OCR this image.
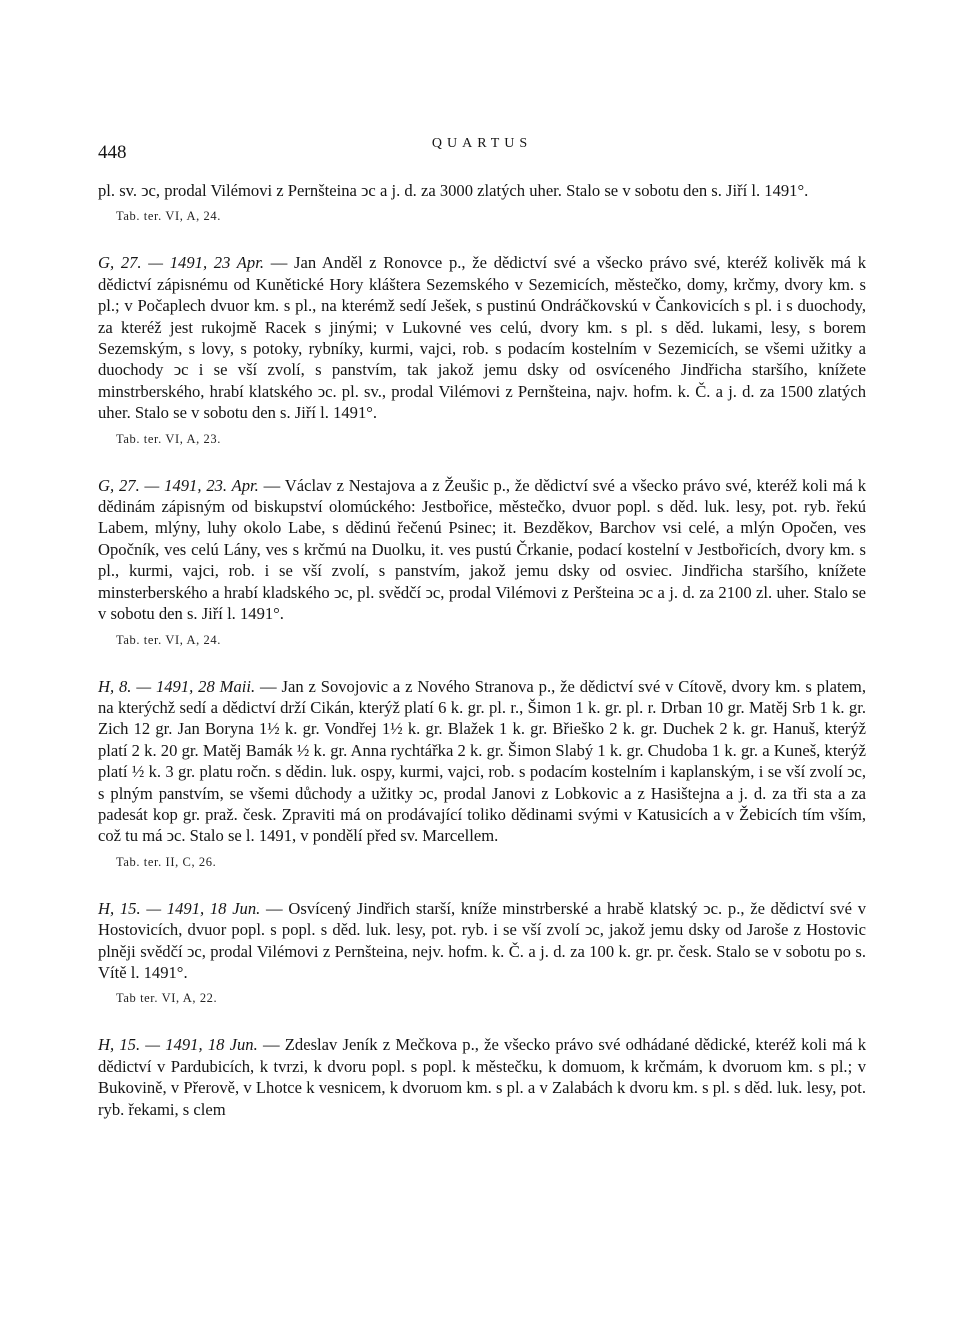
448	QUARTUS

pl. sv. ↄc, prodal Vilémovi z Pernšteina ↄc a j. d. za 3000 zlatých uher. Stalo se v sobotu den s. Jiří l. 1491°.

Tab. ter. VI, A, 24.

G, 27. — 1491, 23 Apr. — Jan Anděl z Ronovce p., že dědictví své a všecko právo své, kteréž kolivěk má k dědictví zápisnému od Kunětické Hory kláštera Sezemského v Sezemicích, městečko, domy, krčmy, dvory km. s pl.; v Počaplech dvuor km. s pl., na kterémž sedí Ješek, s pustinú Ondráčkovskú v Čankovicích s pl. i s duochody, za kteréž jest rukojmě Racek s jinými; v Lukovné ves celú, dvory km. s pl. s děd. lukami, lesy, s borem Sezemským, s lovy, s potoky, rybníky, kurmi, vajci, rob. s podacím kostelním v Sezemicích, se všemi užitky a duochody ↄc i se vší zvolí, s panstvím, tak jakož jemu dsky od osvíceného Jindřicha staršího, knížete minstrberského, hrabí klatského ↄc. pl. sv., prodal Vilémovi z Pernšteina, najv. hofm. k. Č. a j. d. za 1500 zlatých uher. Stalo se v sobotu den s. Jiří l. 1491°.

Tab. ter. VI, A, 23.

G, 27. — 1491, 23. Apr. — Václav z Nestajova a z Žeušic p., že dědictví své a všecko právo své, kteréž koli má k dědinám zápisným od biskupství olomúckého: Jestbořice, městečko, dvuor popl. s děd. luk. lesy, pot. ryb. řekú Labem, mlýny, luhy okolo Labe, s dědinú řečenú Psinec; it. Bezděkov, Barchov vsi celé, a mlýn Opočen, ves Opočník, ves celú Lány, ves s krčmú na Duolku, it. ves pustú Črkanie, podací kostelní v Jestbořicích, dvory km. s pl., kurmi, vajci, rob. i se vší zvolí, s panstvím, jakož jemu dsky od osviec. Jindřicha staršího, knížete minsterberského a hrabí kladského ↄc, pl. svědčí ↄc, prodal Vilémovi z Peršteina ↄc a j. d. za 2100 zl. uher. Stalo se v sobotu den s. Jiří l. 1491°.

Tab. ter. VI, A, 24.

H, 8. — 1491, 28 Maii. — Jan z Sovojovic a z Nového Stranova p., že dědictví své v Cítově, dvory km. s platem, na kterýchž sedí a dědictví drží Cikán, kterýž platí 6 k. gr. pl. r., Šimon 1 k. gr. pl. r. Drban 10 gr. Matěj Srb 1 k. gr. Zich 12 gr. Jan Boryna 1½ k. gr. Vondřej 1½ k. gr. Blažek 1 k. gr. Břieško 2 k. gr. Duchek 2 k. gr. Hanuš, kterýž platí 2 k. 20 gr. Matěj Bamák ½ k. gr. Anna rychtářka 2 k. gr. Šimon Slabý 1 k. gr. Chudoba 1 k. gr. a Kuneš, kterýž platí ½ k. 3 gr. platu ročn. s dědin. luk. ospy, kurmi, vajci, rob. s podacím kostelním i kaplanským, i se vší zvolí ↄc, s plným panstvím, se všemi důchody a užitky ↄc, prodal Janovi z Lobkovic a z Hasištejna a j. d. za tři sta a za padesát kop gr. praž. česk. Zpraviti má on prodávající toliko dědinami svými v Katusicích a v Žebicích tím vším, což tu má ↄc. Stalo se l. 1491, v pondělí před sv. Marcellem.

Tab. ter. II, C, 26.

H, 15. — 1491, 18 Jun. — Osvícený Jindřich starší, kníže minstrberské a hrabě klatský ↄc. p., že dědictví své v Hostovicích, dvuor popl. s popl. s děd. luk. lesy, pot. ryb. i se vší zvolí ↄc, jakož jemu dsky od Jaroše z Hostovic plněji svědčí ↄc, prodal Vilémovi z Pernšteina, nejv. hofm. k. Č. a j. d. za 100 k. gr. pr. česk. Stalo se v sobotu po s. Vítě l. 1491°.

Tab ter. VI, A, 22.

H, 15. — 1491, 18 Jun. — Zdeslav Jeník z Mečkova p., že všecko právo své odhádané dědické, kteréž koli má k dědictví v Pardubicích, k tvrzi, k dvoru popl. s popl. k městečku, k domuom, k krčmám, k dvoruom km. s pl.; v Bukovině, v Přerově, v Lhotce k vesnicem, k dvoruom km. s pl. a v Zalabách k dvoru km. s pl. s děd. luk. lesy, pot. ryb. řekami, s clem
